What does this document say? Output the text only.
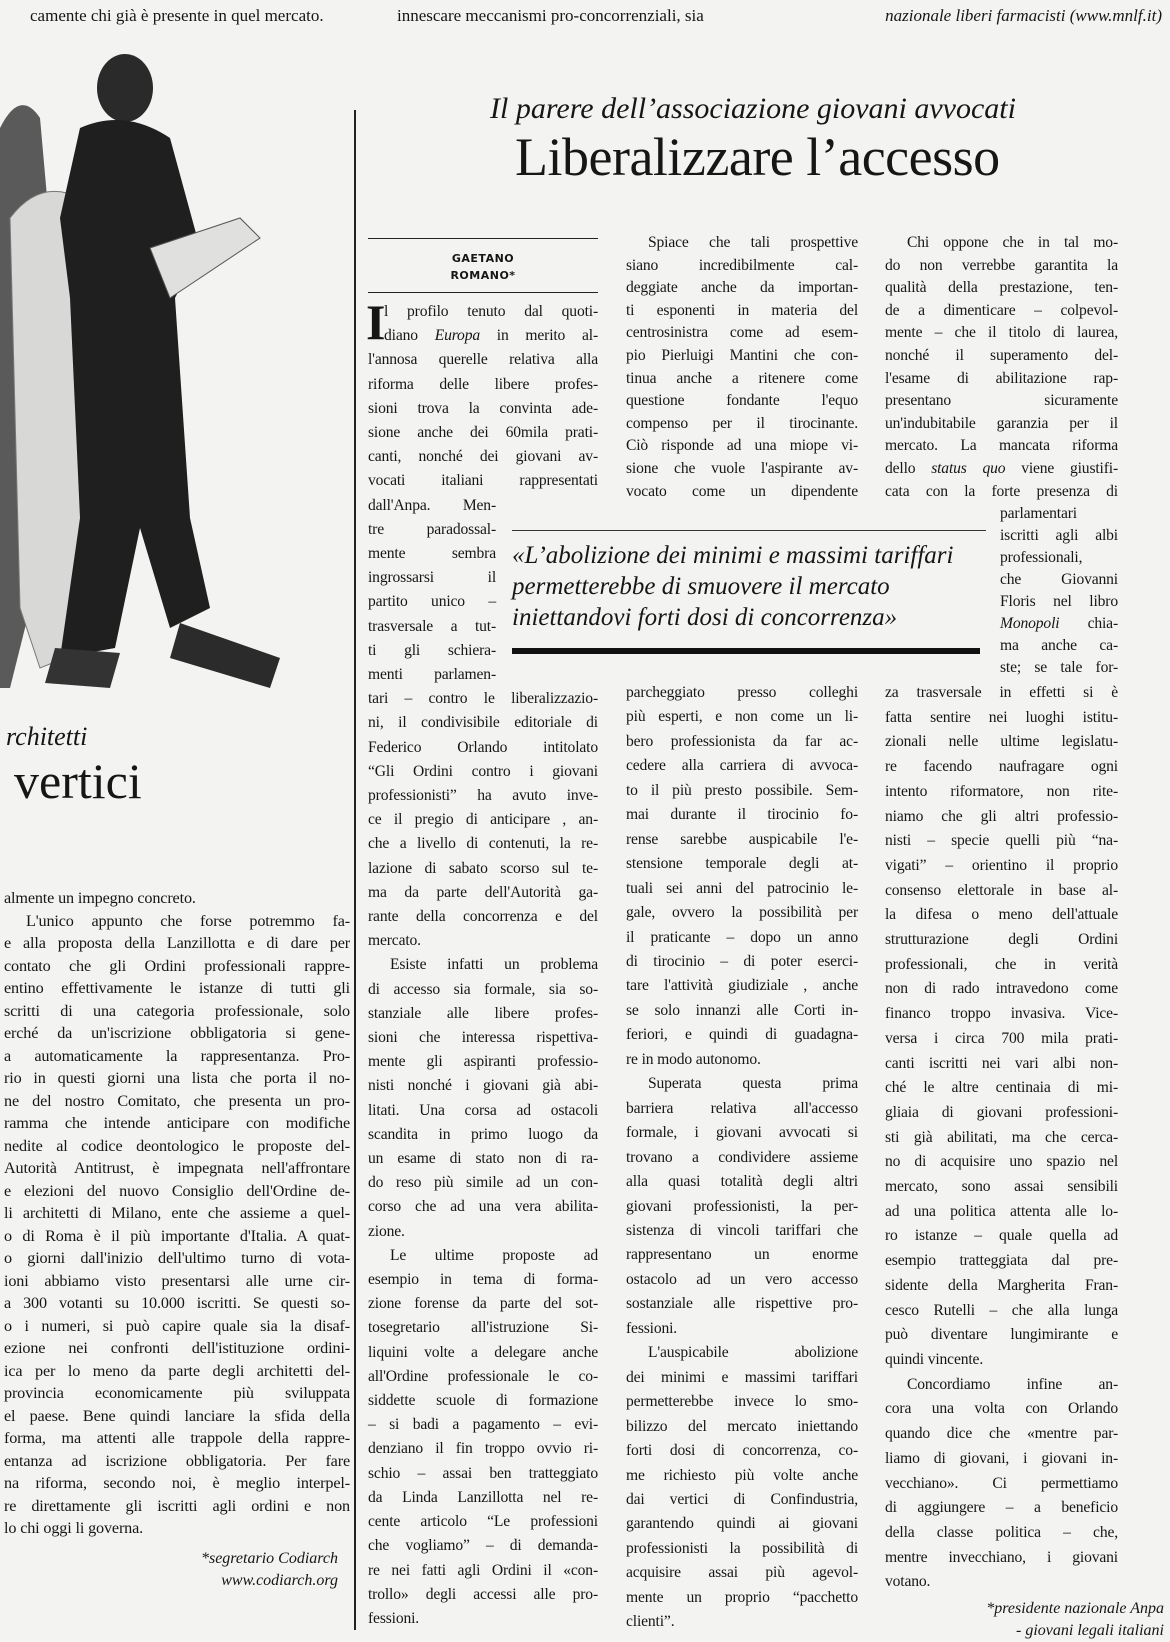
camente chi già è presente in quel mercato.	innescare meccanismi pro-concorrenziali, sia	nazionale liberi farmacisti (www.mnlf.it)
rchitetti
vertici
Il parere dell’associazione giovani avvocati
Liberalizzare l’accesso
GAETANO
ROMANO*
I
«L’abolizione dei minimi e massimi tariffari
permetterebbe di smuovere il mercato
iniettandovi forti dosi di concorrenza»
almente un impegno concreto.
L'unico appunto che forse potremmo fa-
e alla proposta della Lanzillotta e di dare per
contato che gli Ordini professionali rappre-
entino effettivamente le istanze di tutti gli
scritti di una categoria professionale, solo
erché da un'iscrizione obbligatoria si gene-
a automaticamente la rappresentanza. Pro-
rio in questi giorni una lista che porta il no-
ne del nostro Comitato, che presenta un pro-
ramma che intende anticipare con modifiche
nedite al codice deontologico le proposte del-
Autorità Antitrust, è impegnata nell'affrontare
e elezioni del nuovo Consiglio dell'Ordine de-
li architetti di Milano, ente che assieme a quel-
o di Roma è il più importante d'Italia. A quat-
o giorni dall'inizio dell'ultimo turno di vota-
ioni abbiamo visto presentarsi alle urne cir-
a 300 votanti su 10.000 iscritti. Se questi so-
o i numeri, si può capire quale sia la disaf-
ezione nei confronti dell'istituzione ordini-
ica per lo meno da parte degli architetti del-
provincia economicamente più sviluppata
el paese. Bene quindi lanciare la sfida della
forma, ma attenti alle trappole della rappre-
entanza ad iscrizione obbligatoria. Per fare
na riforma, secondo noi, è meglio interpel-
re direttamente gli iscritti agli ordini e non
lo chi oggi li governa.
l profilo tenuto dal quoti-
diano Europa in merito al-
l'annosa querelle relativa alla
riforma delle libere profes-
sioni trova la convinta ade-
sione anche dei 60mila prati-
canti, nonché dei giovani av-
vocati italiani rappresentati
dall'Anpa. Men-
tre paradossal-
mente sembra
ingrossarsi il
partito unico –
trasversale a tut-
ti gli schiera-
menti parlamen-
tari – contro le liberalizzazio-
ni, il condivisibile editoriale di
Federico Orlando intitolato
“Gli Ordini contro i giovani
professionisti” ha avuto inve-
ce il pregio di anticipare , an-
che a livello di contenuti, la re-
lazione di sabato scorso sul te-
ma da parte dell'Autorità ga-
rante della concorrenza e del
mercato.
Esiste infatti un problema
di accesso sia formale, sia so-
stanziale alle libere profes-
sioni che interessa rispettiva-
mente gli aspiranti professio-
nisti nonché i giovani già abi-
litati. Una corsa ad ostacoli
scandita in primo luogo da
un esame di stato non di ra-
do reso più simile ad un con-
corso che ad una vera abilita-
zione.
Le ultime proposte ad
esempio in tema di forma-
zione forense da parte del sot-
tosegretario all'istruzione Si-
liquini volte a delegare anche
all'Ordine professionale le co-
siddette scuole di formazione
– si badi a pagamento – evi-
denziano il fin troppo ovvio ri-
schio – assai ben tratteggiato
da Linda Lanzillotta nel re-
cente articolo “Le professioni
che vogliamo” – di demanda-
re nei fatti agli Ordini il «con-
trollo» degli accessi alle pro-
fessioni.
Spiace che tali prospettive
siano incredibilmente cal-
deggiate anche da importan-
ti esponenti in materia del
centrosinistra come ad esem-
pio Pierluigi Mantini che con-
tinua anche a ritenere come
questione fondante l'equo
compenso per il tirocinante.
Ciò risponde ad una miope vi-
sione che vuole l'aspirante av-
vocato come un dipendente
parcheggiato presso colleghi
più esperti, e non come un li-
bero professionista da far ac-
cedere alla carriera di avvoca-
to il più presto possibile. Sem-
mai durante il tirocinio fo-
rense sarebbe auspicabile l'e-
stensione temporale degli at-
tuali sei anni del patrocinio le-
gale, ovvero la possibilità per
il praticante – dopo un anno
di tirocinio – di poter eserci-
tare l'attività giudiziale , anche
se solo innanzi alle Corti in-
feriori, e quindi di guadagna-
re in modo autonomo.
Superata questa prima
barriera relativa all'accesso
formale, i giovani avvocati si
trovano a condividere assieme
alla quasi totalità degli altri
giovani professionisti, la per-
sistenza di vincoli tariffari che
rappresentano un enorme
ostacolo ad un vero accesso
sostanziale alle rispettive pro-
fessioni.
L'auspicabile abolizione
dei minimi e massimi tariffari
permetterebbe invece lo smo-
bilizzo del mercato iniettando
forti dosi di concorrenza, co-
me richiesto più volte anche
dai vertici di Confindustria,
garantendo quindi ai giovani
professionisti la possibilità di
acquisire assai più agevol-
mente un proprio “pacchetto
clienti”.
Chi oppone che in tal mo-
do non verrebbe garantita la
qualità della prestazione, ten-
de a dimenticare – colpevol-
mente – che il titolo di laurea,
nonché il superamento del-
l'esame di abilitazione rap-
presentano sicuramente
un'indubitabile garanzia per il
mercato. La mancata riforma
dello status quo viene giustifi-
cata con la forte presenza di
parlamentari
iscritti agli albi
professionali,
che Giovanni
Floris nel libro
Monopoli chia-
ma anche ca-
ste; se tale for-
za trasversale in effetti si è
fatta sentire nei luoghi istitu-
zionali nelle ultime legislatu-
re facendo naufragare ogni
intento riformatore, non rite-
niamo che gli altri professio-
nisti – specie quelli più “na-
vigati” – orientino il proprio
consenso elettorale in base al-
la difesa o meno dell'attuale
strutturazione degli Ordini
professionali, che in verità
non di rado intravedono come
financo troppo invasiva. Vice-
versa i circa 700 mila prati-
canti iscritti nei vari albi non-
ché le altre centinaia di mi-
gliaia di giovani professioni-
sti già abilitati, ma che cerca-
no di acquisire uno spazio nel
mercato, sono assai sensibili
ad una politica attenta alle lo-
ro istanze – quale quella ad
esempio tratteggiata dal pre-
sidente della Margherita Fran-
cesco Rutelli – che alla lunga
può diventare lungimirante e
quindi vincente.
Concordiamo infine an-
cora una volta con Orlando
quando dice che «mentre par-
liamo di giovani, i giovani in-
vecchiano». Ci permettiamo
di aggiungere – a beneficio
della classe politica – che,
mentre invecchiano, i giovani
votano.
*segretario Codiarch
www.codiarch.org
*presidente nazionale Anpa
- giovani legali italiani
